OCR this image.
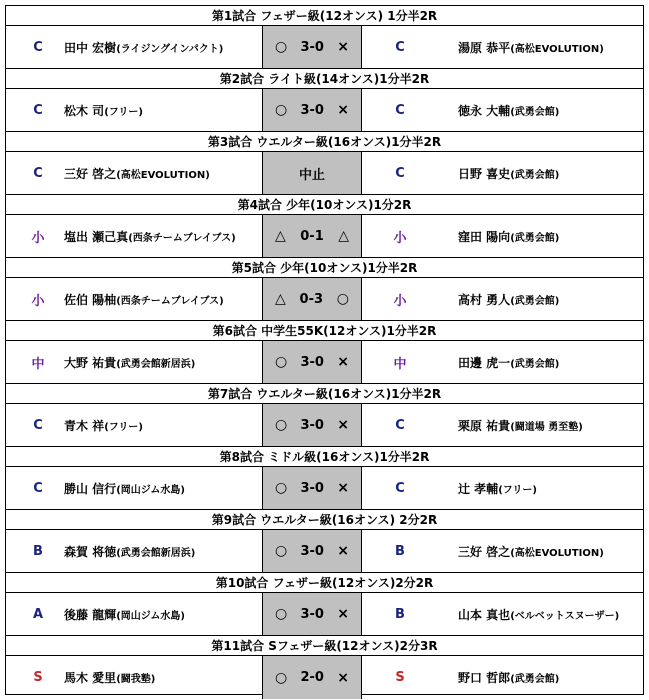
第1試合 フェザー級(12オンス) 1分半2R
C	田中 宏樹(ライジングインパクト)	○ 3-0 ×	C	湯原 恭平(高松EVOLUTION)
第2試合 ライト級(14オンス)1分半2R
C	松木 司(フリー)	○ 3-0 ×	C	徳永 大輔(武勇会館)
第3試合 ウエルター級(16オンス)1分半2R
C	三好 啓之(高松EVOLUTION)	中止	C	日野 喜史(武勇会館)
第4試合 少年(10オンス)1分2R
小 塩出 瀬己真(西条チームブレイブス)	△ 0-1 △	小	窪田 陽向(武勇会館)
第5試合 少年(10オンス)1分半2R
小 佐伯 陽柚(西条チームブレイブス)	△ 0-3 ○	小	高村 勇人(武勇会館)
第6試合 中学生55K(12オンス)1分半2R
中 大野 祐貴(武勇会館新居浜)	○ 3-0 ×	中	田邊 虎一(武勇会館)
第7試合 ウエルター級(16オンス)1分半2R
C	青木 祥(フリー)	○ 3-0 ×	C	栗原 祐貴(闘道場 勇至塾)
第8試合 ミドル級(16オンス)1分半2R
C	勝山 信行(岡山ジム水島)	○ 3-0 ×	C	辻 孝輔(フリー)
第9試合 ウエルター級(16オンス) 2分2R
B	森賀 将徳(武勇会館新居浜)	○ 3-0 ×	B	三好 啓之(高松EVOLUTION)
第10試合 フェザー級(12オンス)2分2R
A	後藤 龍輝(岡山ジム水島)	○ 3-0 ×	B	山本 真也(ベルベットスヌーザー)
第11試合 Sフェザー級(12オンス)2分3R
S	馬木 愛里(闘我塾)	○ 2-0 ×	S	野口 哲郎(武勇会館)
